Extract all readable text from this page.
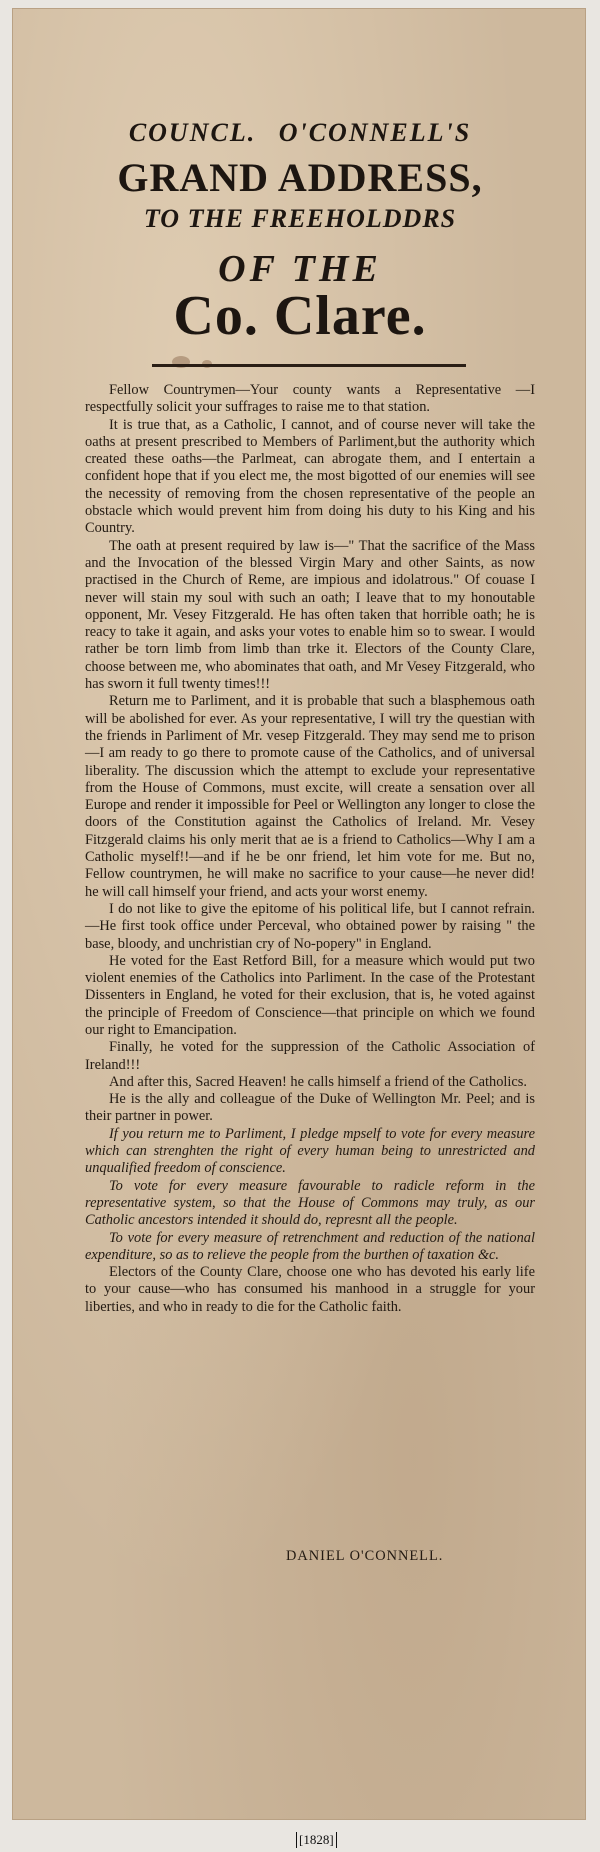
COUNCL. O'CONNELL'S
GRAND ADDRESS,
TO THE FREEHOLDDRS
OF THE
Co. Clare.

Fellow Countrymen—Your county wants a Representative —I respectfully solicit your suffrages to raise me to that station.

It is true that, as a Catholic, I cannot, and of course never will take the oaths at present prescribed to Members of Parliment,but the authority which created these oaths—the Parlmeat, can abrogate them, and I entertain a confident hope that if you elect me, the most bigotted of our enemies will see the necessity of removing from the chosen representative of the people an obstacle which would prevent him from doing his duty to his King and his Country.

The oath at present required by law is—" That the sacrifice of the Mass and the Invocation of the blessed Virgin Mary and other Saints, as now practised in the Church of Reme, are impious and idolatrous." Of couase I never will stain my soul with such an oath; I leave that to my honoutable opponent, Mr. Vesey Fitzgerald. He has often taken that horrible oath; he is reacy to take it again, and asks your votes to enable him so to swear. I would rather be torn limb from limb than trke it. Electors of the County Clare, choose between me, who abominates that oath, and Mr Vesey Fitzgerald, who has sworn it full twenty times!!!

Return me to Parliment, and it is probable that such a blasphemous oath will be abolished for ever. As your representative, I will try the questian with the friends in Parliment of Mr. vesep Fitzgerald. They may send me to prison—I am ready to go there to promote cause of the Catholics, and of universal liberality. The discussion which the attempt to exclude your representative from the House of Commons, must excite, will create a sensation over all Europe and render it impossible for Peel or Wellington any longer to close the doors of the Constitution against the Catholics of Ireland. Mr. Vesey Fitzgerald claims his only merit that ae is a friend to Catholics—Why I am a Catholic myself!!—and if he be onr friend, let him vote for me. But no, Fellow countrymen, he will make no sacrifice to your cause—he never did! he will call himself your friend, and acts your worst enemy.

I do not like to give the epitome of his political life, but I cannot refrain.—He first took office under Perceval, who obtained power by raising " the base, bloody, and unchristian cry of No-popery" in England.

He voted for the East Retford Bill, for a measure which would put two violent enemies of the Catholics into Parliment. In the case of the Protestant Dissenters in England, he voted for their exclusion, that is, he voted against the principle of Freedom of Conscience—that principle on which we found our right to Emancipation.

Finally, he voted for the suppression of the Catholic Association of Ireland!!!

And after this, Sacred Heaven! he calls himself a friend of the Catholics.

He is the ally and colleague of the Duke of Wellington Mr. Peel; and is their partner in power.

If you return me to Parliment, I pledge mpself to vote for every measure which can strenghten the right of every human being to unrestricted and unqualified freedom of conscience.

To vote for every measure favourable to radicle reform in the representative system, so that the House of Commons may truly, as our Catholic ancestors intended it should do, represnt all the people.

To vote for every measure of retrenchment and reduction of the national expenditure, so as to relieve the people from the burthen of taxation &c.

Electors of the County Clare, choose one who has devoted his early life to your cause—who has consumed his manhood in a struggle for your liberties, and who in ready to die for the Catholic faith.

DANIEL O'CONNELL.
[1828]
